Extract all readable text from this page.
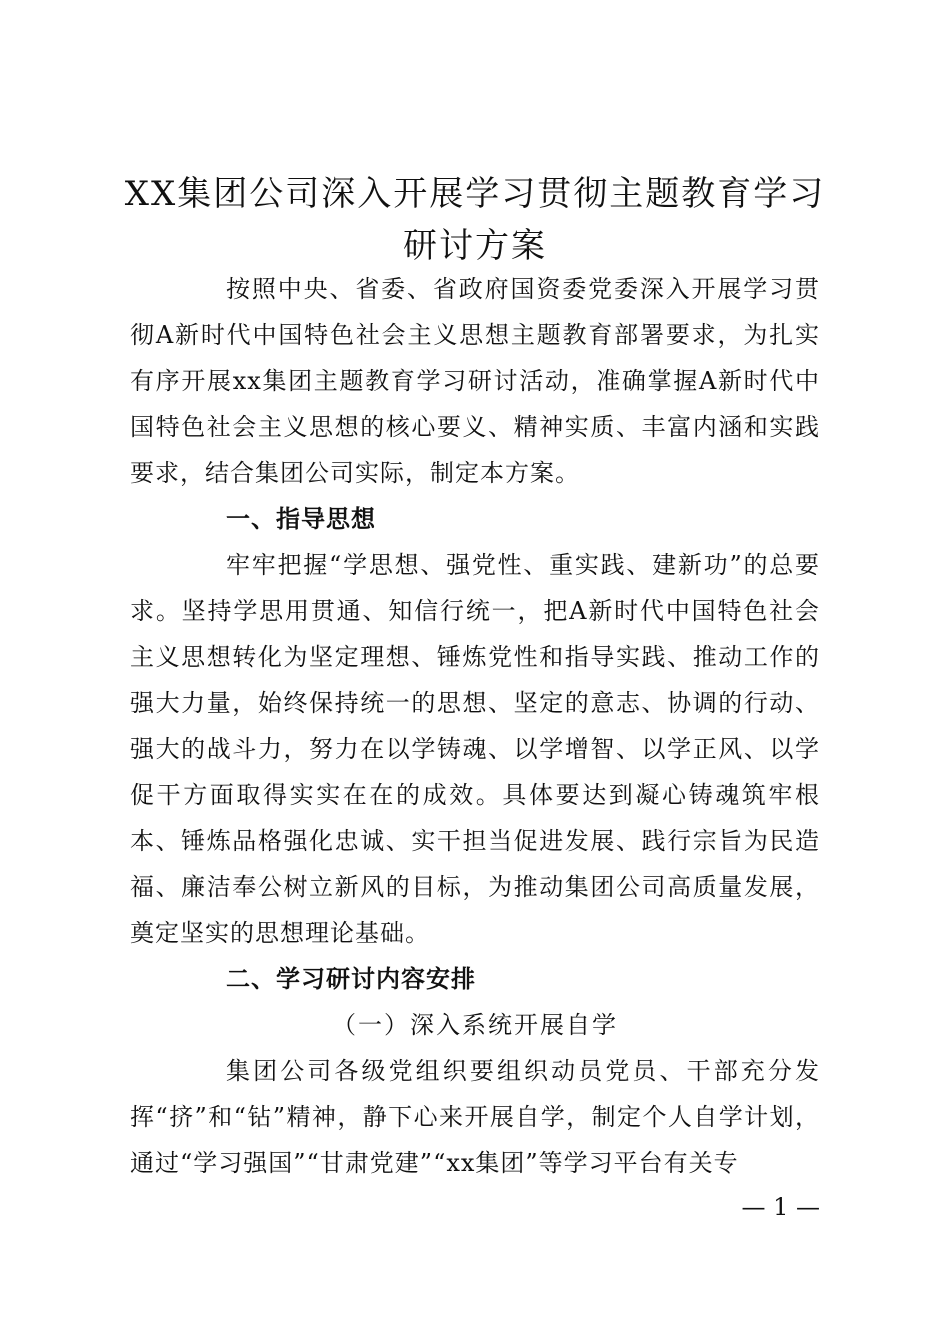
XX集团公司深入开展学习贯彻主题教育学习研讨方案

按照中央、省委、省政府国资委党委深入开展学习贯彻A新时代中国特色社会主义思想主题教育部署要求，为扎实有序开展xx集团主题教育学习研讨活动，准确掌握A新时代中国特色社会主义思想的核心要义、精神实质、丰富内涵和实践要求，结合集团公司实际，制定本方案。

一、指导思想

牢牢把握“学思想、强党性、重实践、建新功”的总要求。坚持学思用贯通、知信行统一，把A新时代中国特色社会主义思想转化为坚定理想、锤炼党性和指导实践、推动工作的强大力量，始终保持统一的思想、坚定的意志、协调的行动、强大的战斗力，努力在以学铸魂、以学增智、以学正风、以学促干方面取得实实在在的成效。具体要达到凝心铸魂筑牢根本、锤炼品格强化忠诚、实干担当促进发展、践行宗旨为民造福、廉洁奉公树立新风的目标，为推动集团公司高质量发展，奠定坚实的思想理论基础。

二、学习研讨内容安排

（一）深入系统开展自学

集团公司各级党组织要组织动员党员、干部充分发挥“挤”和“钻”精神，静下心来开展自学，制定个人自学计划，通过“学习强国”“甘肃党建”“xx集团”等学习平台有关专

— 1 —
